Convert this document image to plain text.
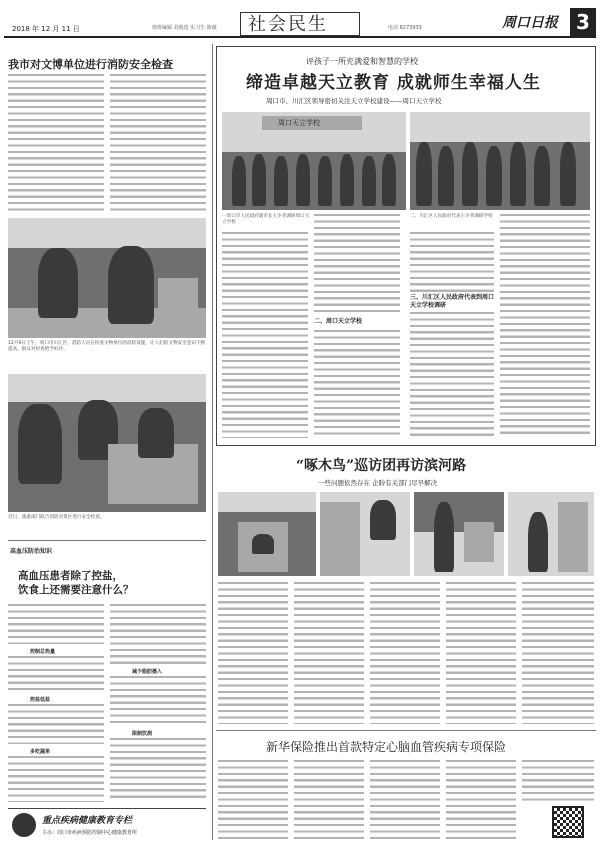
2018 年 12 月 11 日	值班编辑 刘俊选 实习生 陈薇 社会民生	电话 8273933	周口日报 3
我市对文博单位进行消防安全检查
12月9日上午，周口市川汇区，消防人员在检查文物单位的消防设施，让人们的文物安全意识不断提高，群众对检查给予好评。
近日，旅游部门联合消防对景区进行安全检查。
高血压防治知识
高血压患者除了控盐，
饮食上还需要注意什么？
控制总热量
控盐低盐
多吃蔬果
减少脂肪摄入
限制饮酒
重点疾病健康教育专栏
主办：周口市疾病预防控制中心健康教育所
评孩子一所充满爱和智慧的学校
缔造卓越天立教育 成就师生幸福人生
周口市、川汇区领导密切关注天立学校建设——周口天立学校
周口天立学校
一周口市人民政府副市长王少青调研周口天立学校
二、周口天立学校
二、川汇区人民政府代表王少青调研学校
三、川汇区人民政府代表到周口天立学校调研
“啄木鸟”巡访团再访滨河路
一些问题依然存在 企盼有关部门尽早解决
新华保险推出首款特定心脑血管疾病专项保险
